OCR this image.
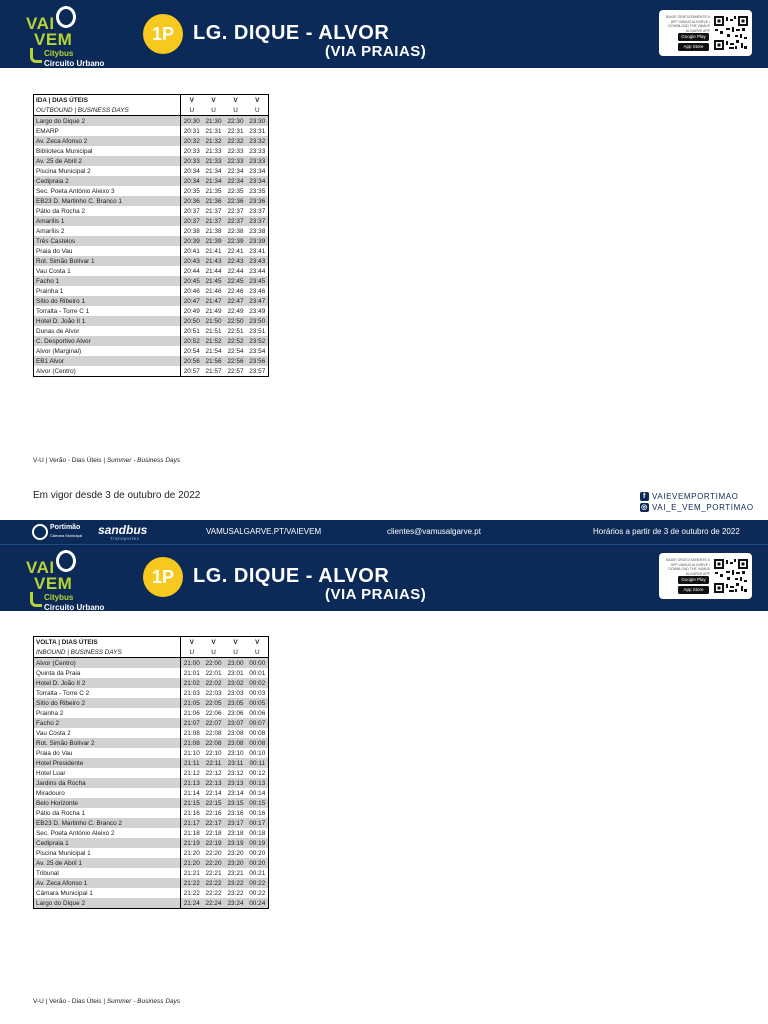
VAI
VEM
Citybus
Circuito Urbano
1P LG. DIQUE - ALVOR
(VIA PRAIAS)
BAIXE GRATUITAMENTE A APP VAMUS ALGARVE / DOWNLOAD THE VAMUS ALGARVE APP
Google Play
App Store
IDA | DIAS ÚTEIS	V	V	V	V
OUTBOUND | BUSINESS DAYS	U	U	U	U
Largo do Dique 2	20:30	21:30	22:30	23:30
EMARP	20:31	21:31	22:31	23:31
Av. Zeca Afonso 2	20:32	21:32	22:32	23:32
Biblioteca Municipal	20:33	21:33	22:33	23:33
Av. 25 de Abril 2	20:33	21:33	22:33	23:33
Piscina Municipal 2	20:34	21:34	22:34	23:34
Cedipraia 2	20:34	21:34	22:34	23:34
Sec. Poeta António Aleixo 3	20:35	21:35	22:35	23:35
EB23 D. Martinho C. Branco 1	20:36	21:36	22:36	23:36
Pátio da Rocha 2	20:37	21:37	22:37	23:37
Amarílis 1	20:37	21:37	22:37	23:37
Amarílis 2	20:38	21:38	22:38	23:38
Três Castelos	20:39	21:39	22:39	23:39
Praia do Vau	20:41	21:41	22:41	23:41
Rot. Simão Bolívar 1	20:43	21:43	22:43	23:43
Vau Costa 1	20:44	21:44	22:44	23:44
Facho 1	20:45	21:45	22:45	23:45
Prainha 1	20:46	21:46	22:46	23:46
Sítio do Ribeiro 1	20:47	21:47	22:47	23:47
Torralta - Torre C 1	20:49	21:49	22:49	23:49
Hotel D. João II 1	20:50	21:50	22:50	23:50
Dunas de Alvor	20:51	21:51	22:51	23:51
C. Desportivo Alvor	20:52	21:52	22:52	23:52
Alvor (Marginal)	20:54	21:54	22:54	23:54
EB1 Alvor	20:56	21:56	22:56	23:56
Alvor (Centro)	20:57	21:57	22:57	23:57
V-U | Verão - Dias Úteis | Summer - Business Days
Em vigor desde 3 de outubro de 2022	f VAIEVEMPORTIMAO
◎ VAI_E_VEM_PORTIMAO
Portimão
Câmara Municipal sandbus
Transportes
VAMUSALGARVE.PT/VAIEVEM	clientes@vamusalgarve.pt	Horários a partir de 3 de outubro de 2022
VAI
VEM
Citybus
Circuito Urbano
1P LG. DIQUE - ALVOR
(VIA PRAIAS)
BAIXE GRATUITAMENTE A APP VAMUS ALGARVE / DOWNLOAD THE VAMUS ALGARVE APP
Google Play
App Store
VOLTA | DIAS ÚTEIS	V	V	V	V
INBOUND | BUSINESS DAYS	U	U	U	U
Alvor (Centro)	21:00	22:00	23:00	00:00
Quinta da Praia	21:01	22:01	23:01	00:01
Hotel D. João II 2	21:02	22:02	23:02	00:02
Torralta - Torre C 2	21:03	22:03	23:03	00:03
Sítio do Ribeiro 2	21:05	22:05	23:05	00:05
Prainha 2	21:06	22:06	23:06	00:06
Facho 2	21:07	22:07	23:07	00:07
Vau Costa 2	21:08	22:08	23:08	00:08
Rot. Simão Bolívar 2	21:08	22:08	23:08	00:08
Praia do Vau	21:10	22:10	23:10	00:10
Hotel Presidente	21:11	22:11	23:11	00:11
Hotel Luar	21:12	22:12	23:12	00:12
Jardins da Rocha	21:13	22:13	23:13	00:13
Miradouro	21:14	22:14	23:14	00:14
Belo Horizonte	21:15	22:15	23:15	00:15
Pátio da Rocha 1	21:16	22:16	23:16	00:16
EB23 D. Martinho C. Branco 2	21:17	22:17	23:17	00:17
Sec. Poeta António Aleixo 2	21:18	22:18	23:18	00:18
Cedipraia 1	21:19	22:19	23:19	00:19
Piscina Municipal 1	21:20	22:20	23:20	00:20
Av. 25 de Abril 1	21:20	22:20	23:20	00:20
Tribunal	21:21	22:21	23:21	00:21
Av. Zeca Afonso 1	21:22	22:22	23:22	00:22
Câmara Municipal 1	21:22	22:22	23:22	00:22
Largo do Dique 2	21:24	22:24	23:24	00:24
V-U | Verão - Dias Úteis | Summer - Business Days
